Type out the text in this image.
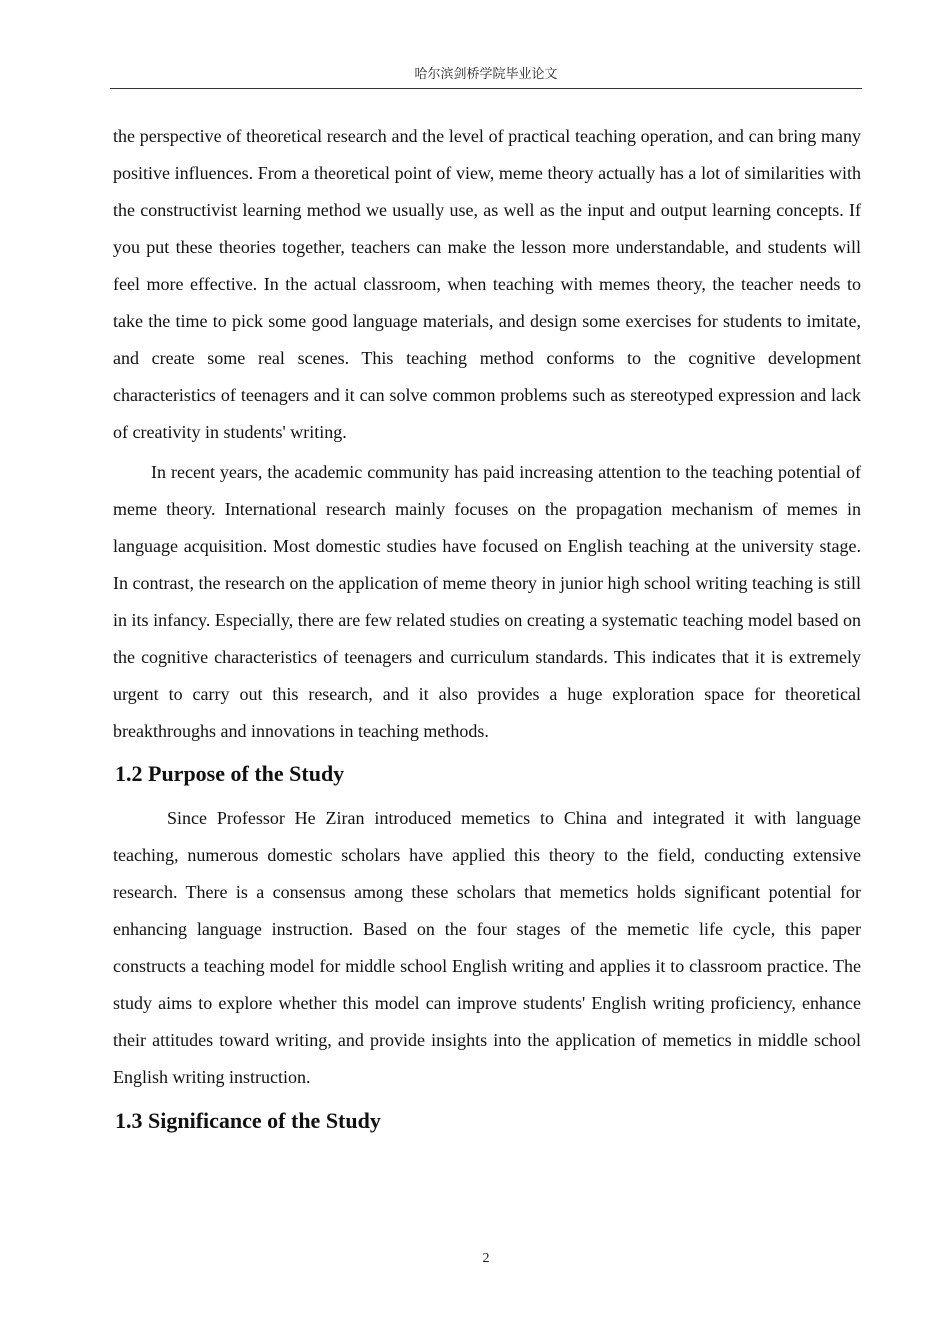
哈尔滨剑桥学院毕业论文

the perspective of theoretical research and the level of practical teaching operation, and can bring many positive influences. From a theoretical point of view, meme theory actually has a lot of similarities with the constructivist learning method we usually use, as well as the input and output learning concepts. If you put these theories together, teachers can make the lesson more understandable, and students will feel more effective. In the actual classroom, when teaching with memes theory, the teacher needs to take the time to pick some good language materials, and design some exercises for students to imitate, and create some real scenes. This teaching method conforms to the cognitive development characteristics of teenagers and it can solve common problems such as stereotyped expression and lack of creativity in students' writing.

In recent years, the academic community has paid increasing attention to the teaching potential of meme theory. International research mainly focuses on the propagation mechanism of memes in language acquisition. Most domestic studies have focused on English teaching at the university stage. In contrast, the research on the application of meme theory in junior high school writing teaching is still in its infancy. Especially, there are few related studies on creating a systematic teaching model based on the cognitive characteristics of teenagers and curriculum standards. This indicates that it is extremely urgent to carry out this research, and it also provides a huge exploration space for theoretical breakthroughs and innovations in teaching methods.

1.2 Purpose of the Study

Since Professor He Ziran introduced memetics to China and integrated it with language teaching, numerous domestic scholars have applied this theory to the field, conducting extensive research. There is a consensus among these scholars that memetics holds significant potential for enhancing language instruction. Based on the four stages of the memetic life cycle, this paper constructs a teaching model for middle school English writing and applies it to classroom practice. The study aims to explore whether this model can improve students' English writing proficiency, enhance their attitudes toward writing, and provide insights into the application of memetics in middle school English writing instruction.

1.3 Significance of the Study
2
